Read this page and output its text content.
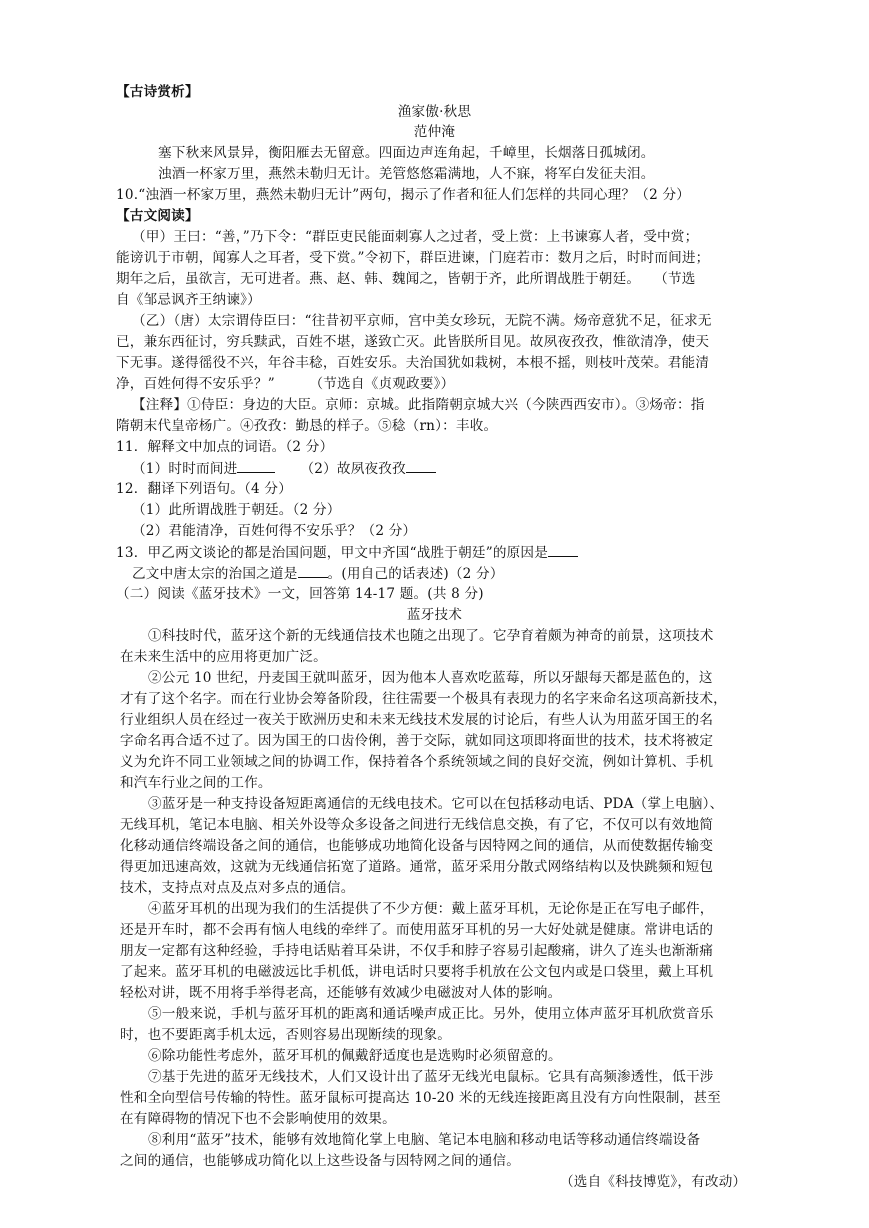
【古诗赏析】
渔家傲·秋思
范仲淹
塞下秋来风景异，衡阳雁去无留意。四面边声连角起，千嶂里，长烟落日孤城闭。
浊酒一杯家万里，燕然未勒归无计。羌管悠悠霜满地，人不寐，将军白发征夫泪。
10.“浊酒一杯家万里，燕然未勒归无计”两句，揭示了作者和征人们怎样的共同心理？（2 分）
【古文阅读】
（甲）王曰：“善，”乃下令：“群臣吏民能面刺寡人之过者，受上赏：上书谏寡人者，受中赏；
能谤讥于市朝，闻寡人之耳者，受下赏。”令初下，群臣进谏，门庭若市：数月之后，时时而间进；
期年之后，虽欲言，无可进者。燕、赵、韩、魏闻之，皆朝于齐，此所谓战胜于朝廷。　　（节选
自《邹忌讽齐王纳谏》）
（乙）（唐）太宗谓侍臣曰：“往昔初平京师，宫中美女珍玩，无院不满。炀帝意犹不足，征求无
已，兼东西征讨，穷兵黩武，百姓不堪，遂致亡灭。此皆朕所目见。故夙夜孜孜，惟欲清净，使天
下无事。遂得徭役不兴，年谷丰稔，百姓安乐。夫治国犹如栽树，本根不摇，则枝叶茂荣。君能清
净，百姓何得不安乐乎？”　　　（节选自《贞观政要》）
【注释】①侍臣：身边的大臣。京师：京城。此指隋朝京城大兴（今陕西西安市）。③炀帝：指
隋朝末代皇帝杨广。④孜孜：勤恳的样子。⑤稔（rn）：丰收。
11．解释文中加点的词语。（2 分）
（1）时时而间进	（2）故夙夜孜孜
12．翻译下列语句。（4 分）
（1）此所谓战胜于朝廷。（2 分）
（2）君能清净，百姓何得不安乐乎？（2 分）
13．甲乙两文谈论的都是治国问题，甲文中齐国“战胜于朝廷”的原因是
乙文中唐太宗的治国之道是 。(用自己的话表述)（2 分）
（二）阅读《蓝牙技术》一文，回答第 14-17 题。(共 8 分)
蓝牙技术
①科技时代，蓝牙这个新的无线通信技术也随之出现了。它孕育着颇为神奇的前景，这项技术
在未来生活中的应用将更加广泛。
②公元 10 世纪，丹麦国王就叫蓝牙，因为他本人喜欢吃蓝莓，所以牙龈每天都是蓝色的，这
才有了这个名字。而在行业协会筹备阶段，往往需要一个极具有表现力的名字来命名这项高新技术，
行业组织人员在经过一夜关于欧洲历史和未来无线技术发展的讨论后，有些人认为用蓝牙国王的名
字命名再合适不过了。因为国王的口齿伶俐，善于交际，就如同这项即将面世的技术，技术将被定
义为允许不同工业领域之间的协调工作，保持着各个系统领域之间的良好交流，例如计算机、手机
和汽车行业之间的工作。
③蓝牙是一种支持设备短距离通信的无线电技术。它可以在包括移动电话、PDA（掌上电脑）、
无线耳机，笔记本电脑、相关外设等众多设备之间进行无线信息交换，有了它，不仅可以有效地简
化移动通信终端设备之间的通信，也能够成功地简化设备与因特网之间的通信，从而使数据传输变
得更加迅速高效，这就为无线通信拓宽了道路。通常，蓝牙采用分散式网络结构以及快跳频和短包
技术，支持点对点及点对多点的通信。
④蓝牙耳机的出现为我们的生活提供了不少方便：戴上蓝牙耳机，无论你是正在写电子邮件，
还是开车时，都不会再有恼人电线的牵绊了。而使用蓝牙耳机的另一大好处就是健康。常讲电话的
朋友一定都有这种经验，手持电话贴着耳朵讲，不仅手和脖子容易引起酸痛，讲久了连头也渐渐痛
了起来。蓝牙耳机的电磁波远比手机低，讲电话时只要将手机放在公文包内或是口袋里，戴上耳机
轻松对讲，既不用将手举得老高，还能够有效减少电磁波对人体的影响。
⑤一般来说，手机与蓝牙耳机的距离和通话噪声成正比。另外，使用立体声蓝牙耳机欣赏音乐
时，也不要距离手机太远，否则容易出现断续的现象。
⑥除功能性考虑外，蓝牙耳机的佩戴舒适度也是选购时必须留意的。
⑦基于先进的蓝牙无线技术，人们又设计出了蓝牙无线光电鼠标。它具有高频渗透性，低干涉
性和全向型信号传输的特性。蓝牙鼠标可提高达 10-20 米的无线连接距离且没有方向性限制，甚至
在有障碍物的情况下也不会影响使用的效果。
⑧利用“蓝牙”技术，能够有效地简化掌上电脑、笔记本电脑和移动电话等移动通信终端设备
之间的通信，也能够成功简化以上这些设备与因特网之间的通信。
（选自《科技博览》，有改动）
